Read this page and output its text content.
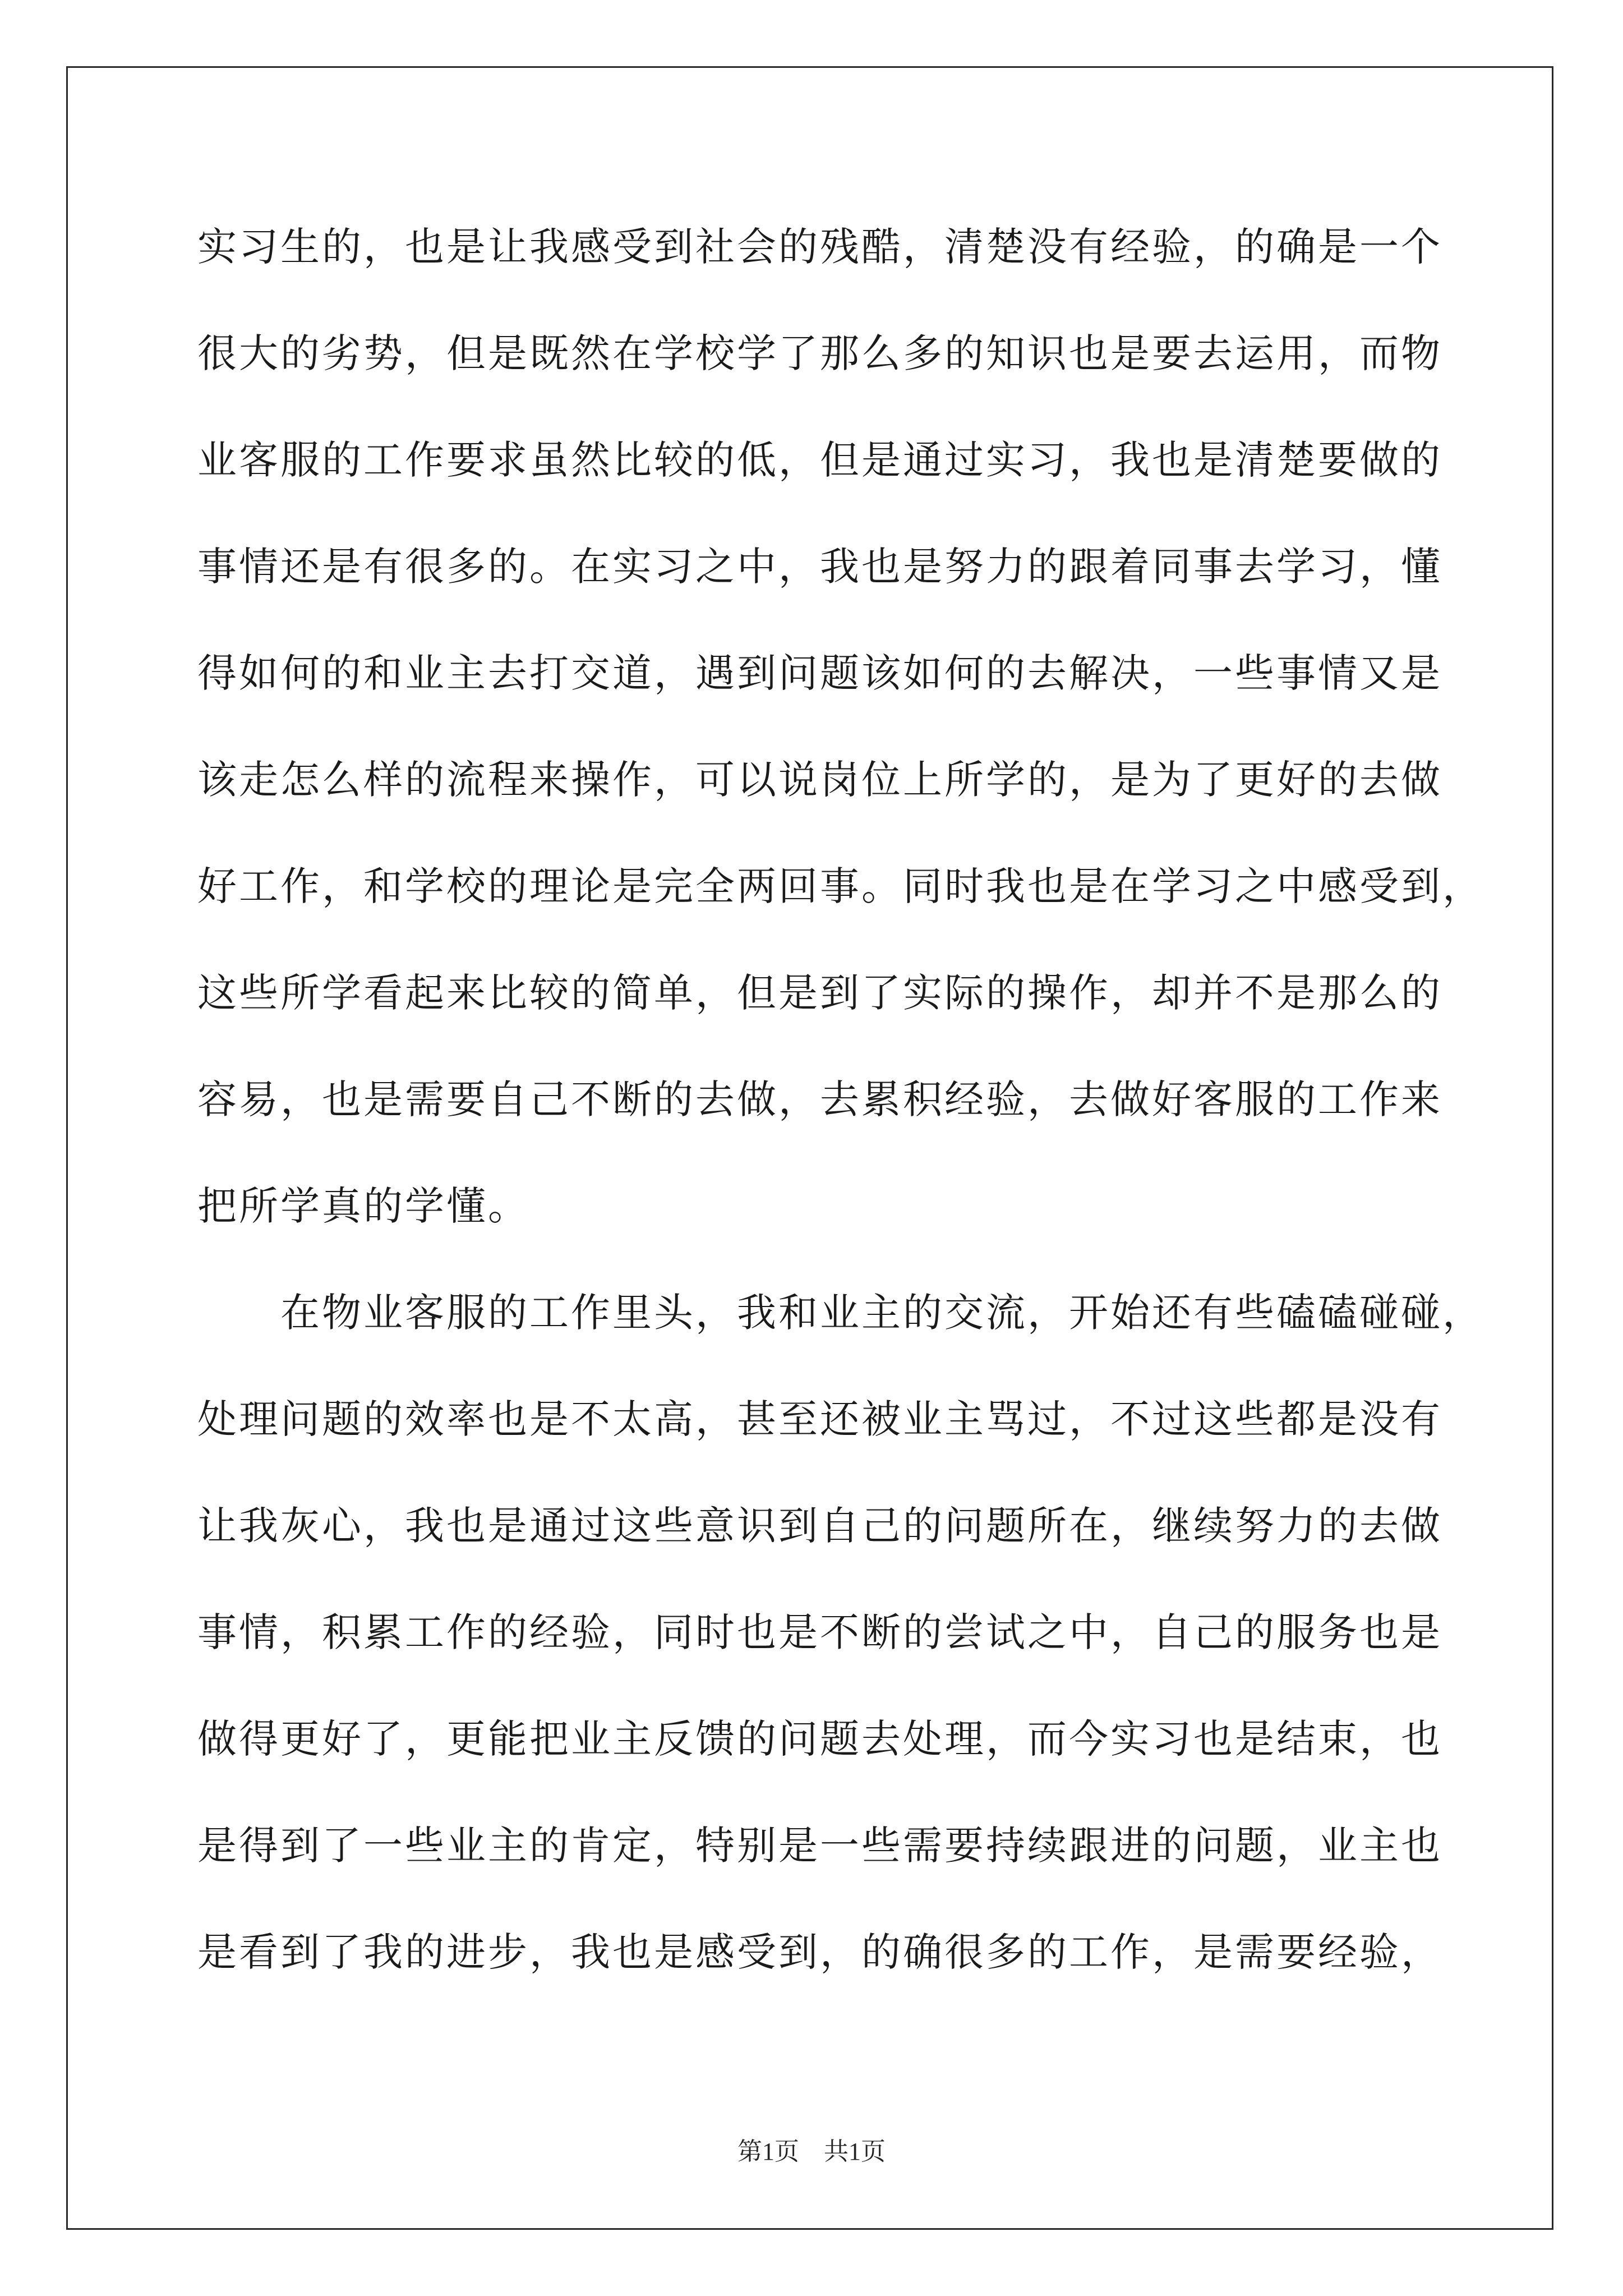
实习生的，也是让我感受到社会的残酷，清楚没有经验，的确是一个
很大的劣势，但是既然在学校学了那么多的知识也是要去运用，而物
业客服的工作要求虽然比较的低，但是通过实习，我也是清楚要做的
事情还是有很多的。在实习之中，我也是努力的跟着同事去学习，懂
得如何的和业主去打交道，遇到问题该如何的去解决，一些事情又是
该走怎么样的流程来操作，可以说岗位上所学的，是为了更好的去做
好工作，和学校的理论是完全两回事。同时我也是在学习之中感受到，
这些所学看起来比较的简单，但是到了实际的操作，却并不是那么的
容易，也是需要自己不断的去做，去累积经验，去做好客服的工作来
把所学真的学懂。
　　在物业客服的工作里头，我和业主的交流，开始还有些磕磕碰碰，
处理问题的效率也是不太高，甚至还被业主骂过，不过这些都是没有
让我灰心，我也是通过这些意识到自己的问题所在，继续努力的去做
事情，积累工作的经验，同时也是不断的尝试之中，自己的服务也是
做得更好了，更能把业主反馈的问题去处理，而今实习也是结束，也
是得到了一些业主的肯定，特别是一些需要持续跟进的问题，业主也
是看到了我的进步，我也是感受到，的确很多的工作，是需要经验，
第1页　共1页
